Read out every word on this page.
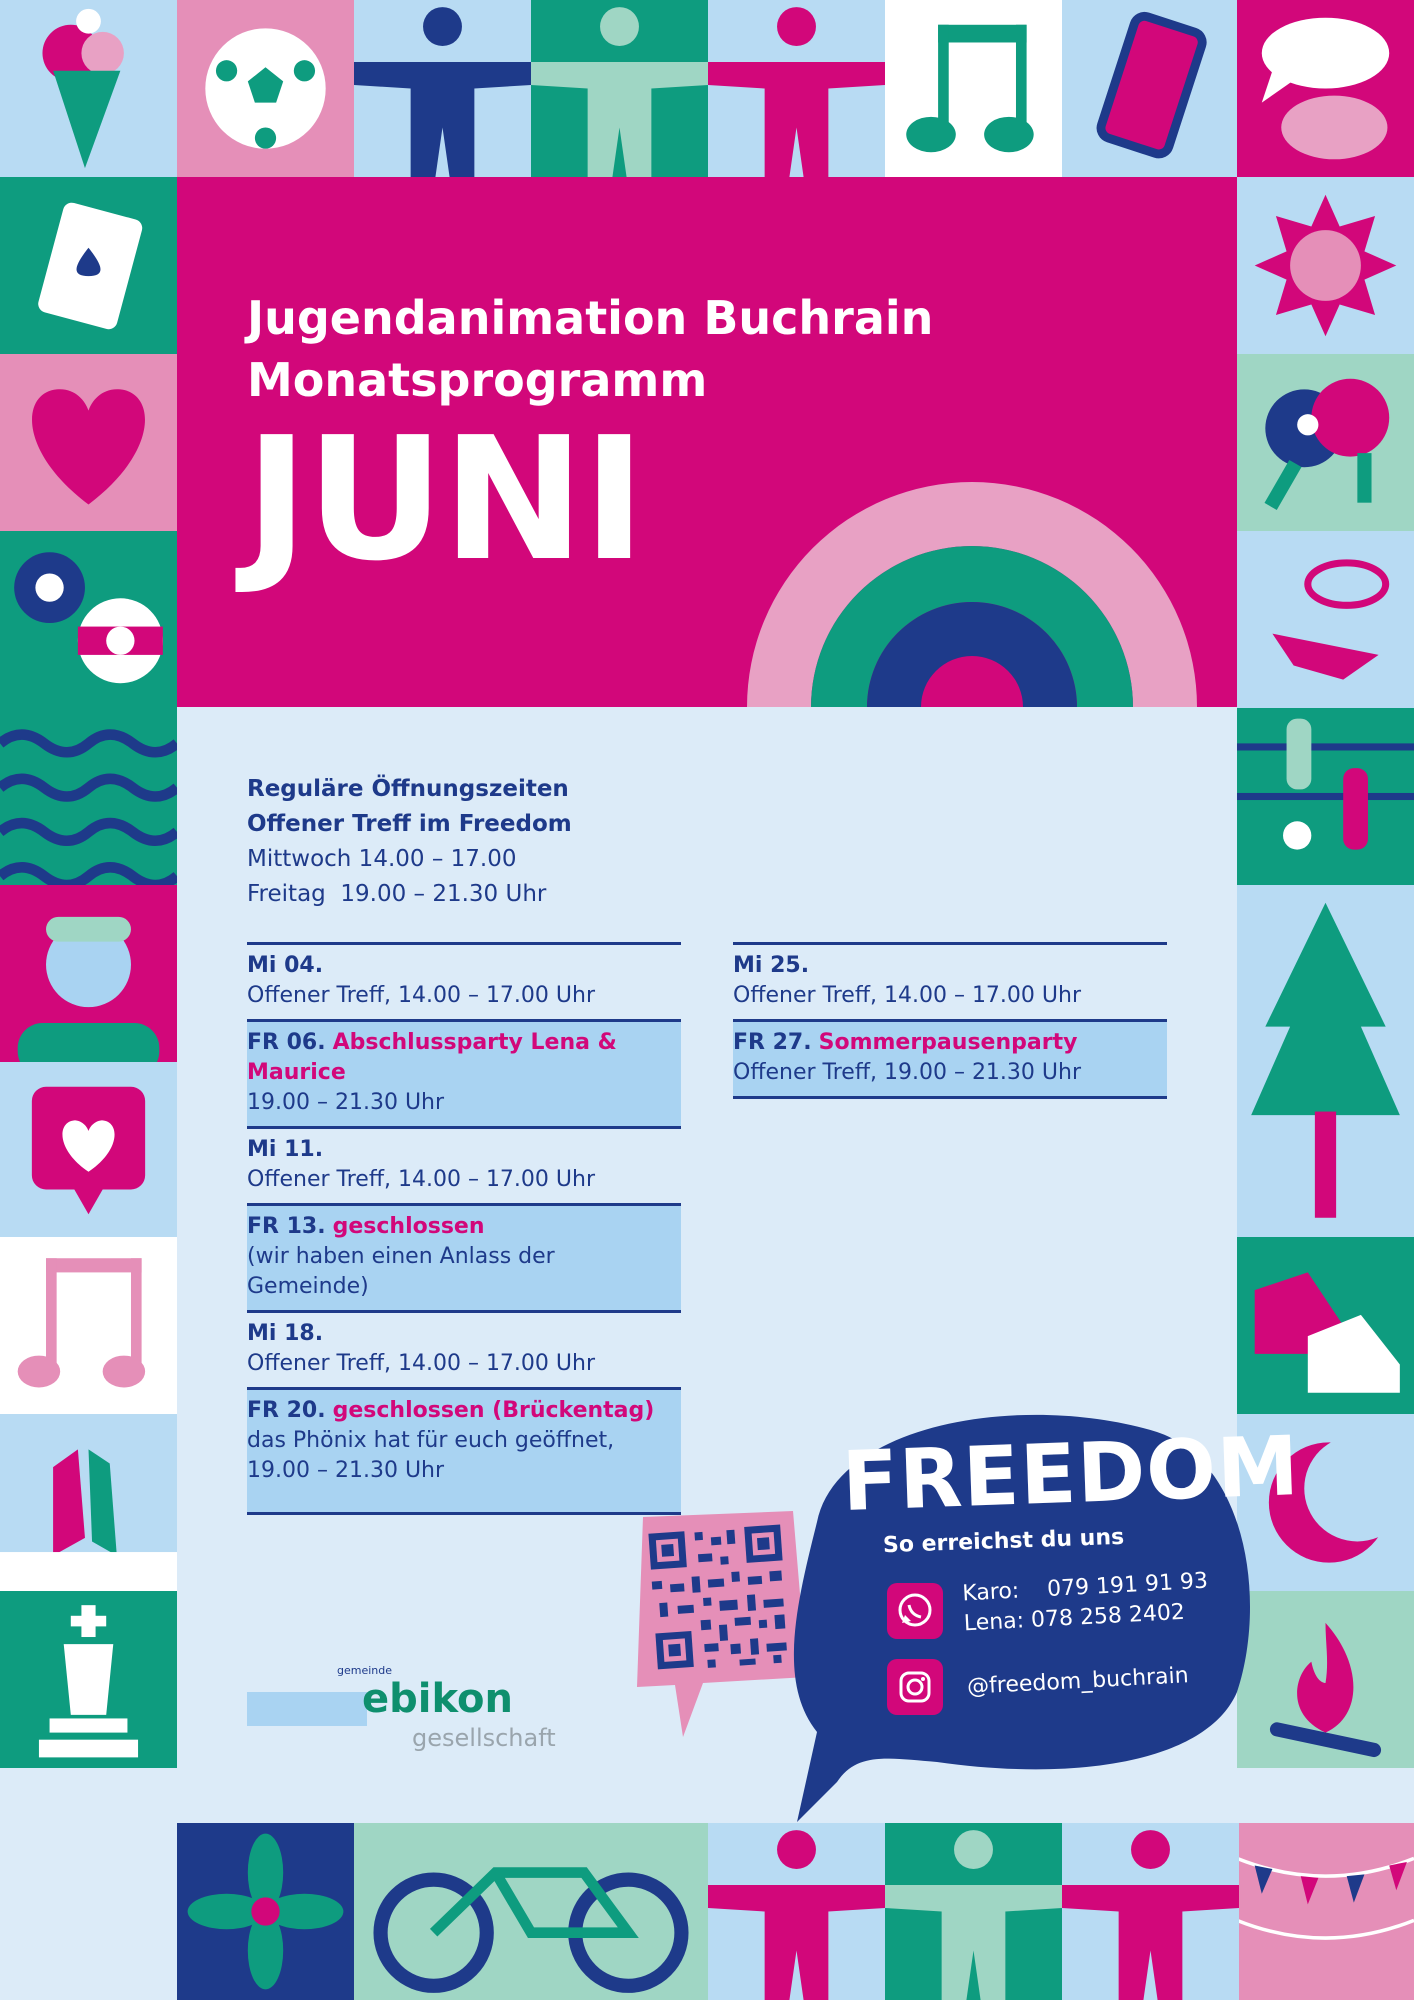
Jugendanimation Buchrain
Monatsprogramm
JUNI
Reguläre Öffnungszeiten
Offener Treff im Freedom
Mittwoch 14.00 – 17.00
Freitag  19.00 – 21.30 Uhr
Mi 04.
Offener Treff, 14.00 – 17.00 Uhr
FR 06. Abschlussparty Lena & Maurice
19.00 – 21.30 Uhr
Mi 11.
Offener Treff, 14.00 – 17.00 Uhr
FR 13. geschlossen
(wir haben einen Anlass der Gemeinde)
Mi 18.
Offener Treff, 14.00 – 17.00 Uhr
FR 20. geschlossen (Brückentag)
das Phönix hat für euch geöffnet, 19.00 – 21.30 Uhr
Mi 25.
Offener Treff, 14.00 – 17.00 Uhr
FR 27. Sommerpausenparty
Offener Treff, 19.00 – 21.30 Uhr
gemeinde
ebikon
gesellschaft
FREEDOM
So erreichst du uns
Karo:    079 191 91 93
Lena: 078 258 2402
@freedom_buchrain
